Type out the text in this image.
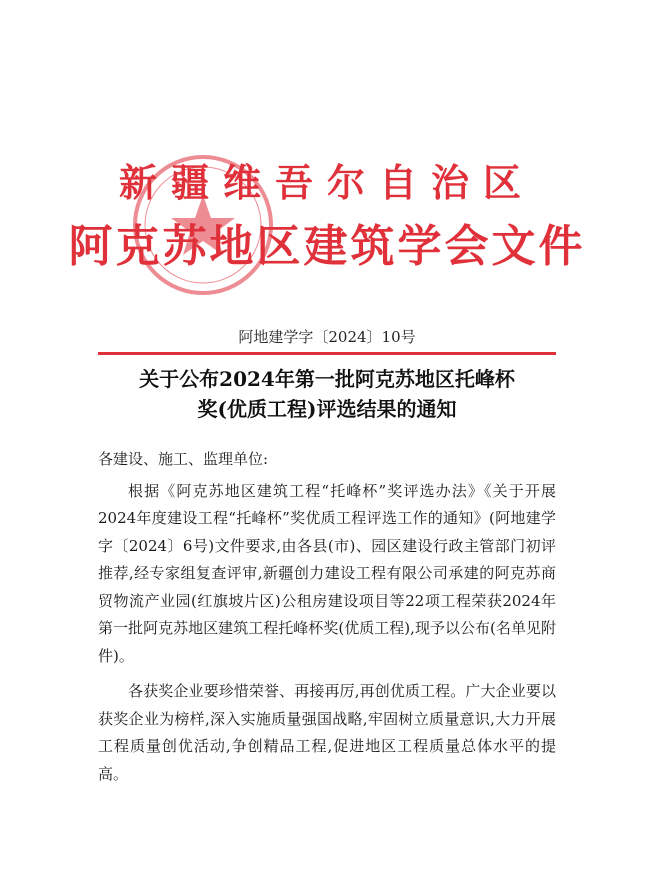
新疆维吾尔自治区
阿克苏地区建筑学会文件
阿地建学字〔2024〕10号
关于公布2024年第一批阿克苏地区托峰杯
奖(优质工程)评选结果的通知

各建设、施工、监理单位:

根据《阿克苏地区建筑工程“托峰杯”奖评选办法》《关于开展2024年度建设工程“托峰杯”奖优质工程评选工作的通知》(阿地建学字〔2024〕6号)文件要求,由各县(市)、园区建设行政主管部门初评推荐,经专家组复查评审,新疆创力建设工程有限公司承建的阿克苏商贸物流产业园(红旗坡片区)公租房建设项目等22项工程荣获2024年第一批阿克苏地区建筑工程托峰杯奖(优质工程),现予以公布(名单见附件)。

各获奖企业要珍惜荣誉、再接再厉,再创优质工程。广大企业要以获奖企业为榜样,深入实施质量强国战略,牢固树立质量意识,大力开展工程质量创优活动,争创精品工程,促进地区工程质量总体水平的提高。
